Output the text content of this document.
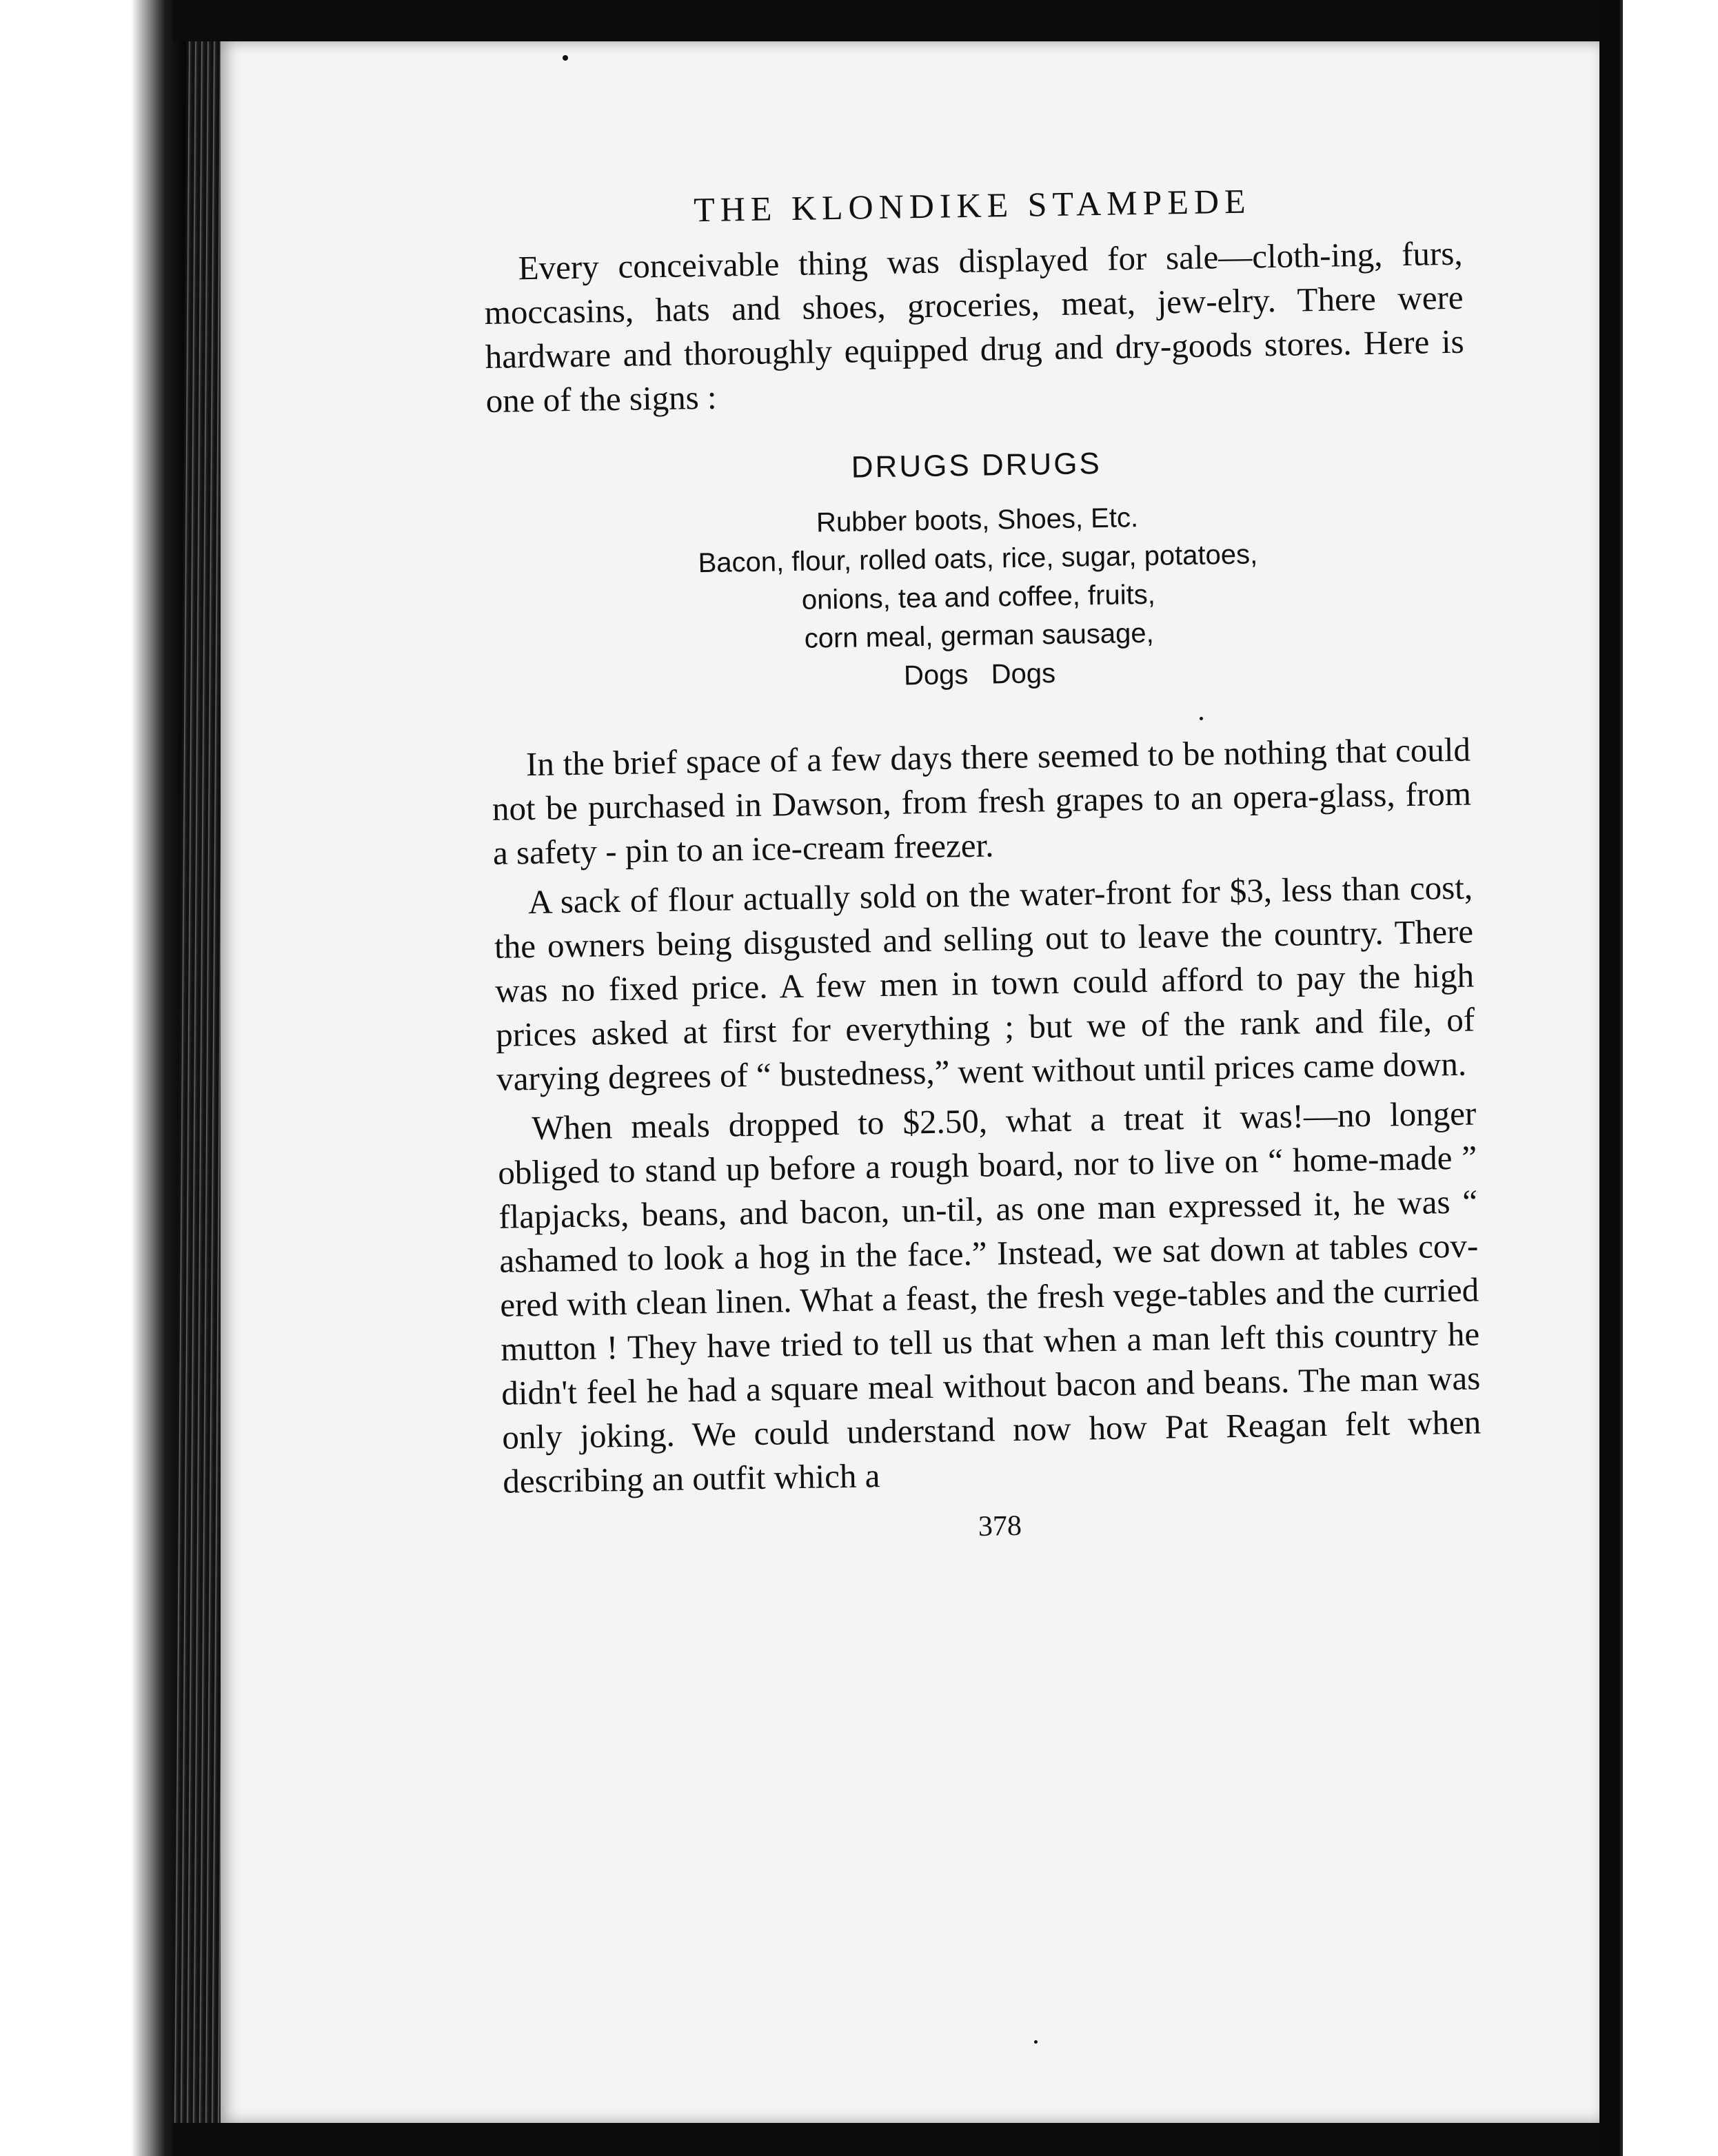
THE KLONDIKE STAMPEDE

Every conceivable thing was displayed for sale—cloth-ing, furs, moccasins, hats and shoes, groceries, meat, jew-elry. There were hardware and thoroughly equipped drug and dry-goods stores. Here is one of the signs :

DRUGS DRUGS
Rubber boots, Shoes, Etc.
Bacon, flour, rolled oats, rice, sugar, potatoes,
onions, tea and coffee, fruits,
corn meal, german sausage,
Dogs   Dogs

In the brief space of a few days there seemed to be nothing that could not be purchased in Dawson, from fresh grapes to an opera-glass, from a safety - pin to an ice-cream freezer.

A sack of flour actually sold on the water-front for $3, less than cost, the owners being disgusted and selling out to leave the country. There was no fixed price. A few men in town could afford to pay the high prices asked at first for everything ; but we of the rank and file, of varying degrees of “ bustedness,” went without until prices came down.

When meals dropped to $2.50, what a treat it was!—no longer obliged to stand up before a rough board, nor to live on “ home-made ” flapjacks, beans, and bacon, un-til, as one man expressed it, he was “ ashamed to look a hog in the face.” Instead, we sat down at tables cov-ered with clean linen. What a feast, the fresh vege-tables and the curried mutton ! They have tried to tell us that when a man left this country he didn't feel he had a square meal without bacon and beans. The man was only joking. We could understand now how Pat Reagan felt when describing an outfit which a

378
